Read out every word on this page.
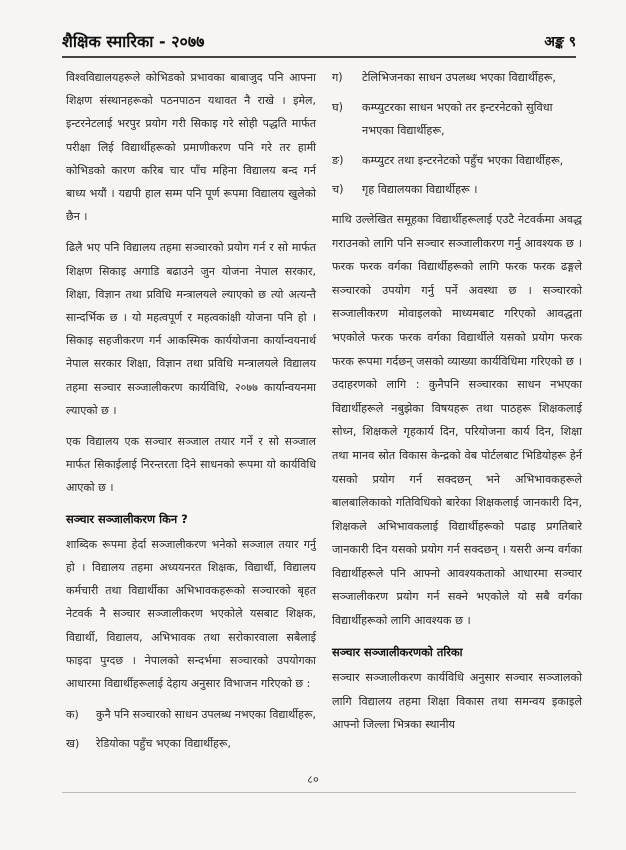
शैक्षिक स्मारिका - २०७७	अङ्क ९

विश्वविद्यालयहरूले कोभिडको प्रभावका बाबाजुद पनि आफ्ना शिक्षण संस्थानहरूको पठनपाठन यथावत नै राखे । इमेल, इन्टरनेटलाई भरपुर प्रयोग गरी सिकाइ गरे सोही पद्धति मार्फत परीक्षा लिई विद्यार्थीहरूको प्रमाणीकरण पनि गरे तर हामी कोभिडको कारण करिब चार पाँच महिना विद्यालय बन्द गर्न बाध्य भयौं । यद्यपी हाल सम्म पनि पूर्ण रूपमा विद्यालय खुलेको छैन ।

ढिलै भए पनि विद्यालय तहमा सञ्चारको प्रयोग गर्न र सो मार्फत शिक्षण सिकाइ अगाडि बढाउने जुन योजना नेपाल सरकार, शिक्षा, विज्ञान तथा प्रविधि मन्त्रालयले ल्याएको छ त्यो अत्यन्तै सान्दर्भिक छ । यो महत्वपूर्ण र महत्वकांक्षी योजना पनि हो । सिकाइ सहजीकरण गर्न आकस्मिक कार्ययोजना कार्यान्वयनार्थ नेपाल सरकार शिक्षा, विज्ञान तथा प्रविधि मन्त्रालयले विद्यालय तहमा सञ्चार सञ्जालीकरण कार्यविधि, २०७७ कार्यान्वयनमा ल्याएको छ ।

एक विद्यालय एक सञ्चार सञ्जाल तयार गर्ने र सो सञ्जाल मार्फत सिकाईलाई निरन्तरता दिने साधनको रूपमा यो कार्यविधि आएको छ ।

सञ्चार सञ्जालीकरण किन ?

शाब्दिक रूपमा हेर्दा सञ्जालीकरण भनेको सञ्जाल तयार गर्नु हो । विद्यालय तहमा अध्ययनरत शिक्षक, विद्यार्थी, विद्यालय कर्मचारी तथा विद्यार्थीका अभिभावकहरूको सञ्चारको बृहत नेटवर्क नै सञ्चार सञ्जालीकरण भएकोले यसबाट शिक्षक, विद्यार्थी, विद्यालय, अभिभावक तथा सरोकारवाला सबैलाई फाइदा पुग्दछ । नेपालको सन्दर्भमा सञ्चारको उपयोगका आधारमा विद्यार्थीहरूलाई देहाय अनुसार विभाजन गरिएको छ :

क)	कुनै पनि सञ्चारको साधन उपलब्ध नभएका विद्यार्थीहरू,
ख)	रेडियोका पहुँच भएका विद्यार्थीहरू,
ग)	टेलिभिजनका साधन उपलब्ध भएका विद्यार्थीहरू,
घ)	कम्प्युटरका साधन भएको तर इन्टरनेटको सुविधा नभएका विद्यार्थीहरू,
ङ)	कम्प्युटर तथा इन्टरनेटको पहुँच भएका विद्यार्थीहरू,
च)	गृह विद्यालयका विद्यार्थीहरू ।

माथि उल्लेखित समूहका विद्यार्थीहरूलाई एउटै नेटवर्कमा अवद्ध गराउनको लागि पनि सञ्चार सञ्जालीकरण गर्नु आवश्यक छ । फरक फरक वर्गका विद्यार्थीहरूको लागि फरक फरक ढङ्गले सञ्चारको उपयोग गर्नु पर्ने अवस्था छ । सञ्चारको सञ्जालीकरण मोवाइलको माध्यमबाट गरिएको आवद्धता भएकोले फरक फरक वर्गका विद्यार्थीले यसको प्रयोग फरक फरक रूपमा गर्दछन् जसको व्याख्या कार्यविधिमा गरिएको छ । उदाहरणको लागि : कुनैपनि सञ्चारका साधन नभएका विद्यार्थीहरूले नबुझेका विषयहरू तथा पाठहरू शिक्षकलाई सोध्न, शिक्षकले गृहकार्य दिन, परियोजना कार्य दिन, शिक्षा तथा मानव स्रोत विकास केन्द्रको वेब पोर्टलबाट भिडियोहरू हेर्न यसको प्रयोग गर्न सक्दछन् भने अभिभावकहरूले बालबालिकाको गतिविधिको बारेका शिक्षकलाई जानकारी दिन, शिक्षकले अभिभावकलाई विद्यार्थीहरूको पढाइ प्रगतिबारे जानकारी दिन यसको प्रयोग गर्न सक्दछन् । यसरी अन्य वर्गका विद्यार्थीहरूले पनि आफ्नो आवश्यकताको आधारमा सञ्चार सञ्जालीकरण प्रयोग गर्न सक्ने भएकोले यो सबै वर्गका विद्यार्थीहरूको लागि आवश्यक छ ।

सञ्चार सञ्जालीकरणको तरिका

सञ्चार सञ्जालीकरण कार्यविधि अनुसार सञ्चार सञ्जालको लागि विद्यालय तहमा शिक्षा विकास तथा समन्वय इकाइले आफ्नो जिल्ला भित्रका स्थानीय

८०
